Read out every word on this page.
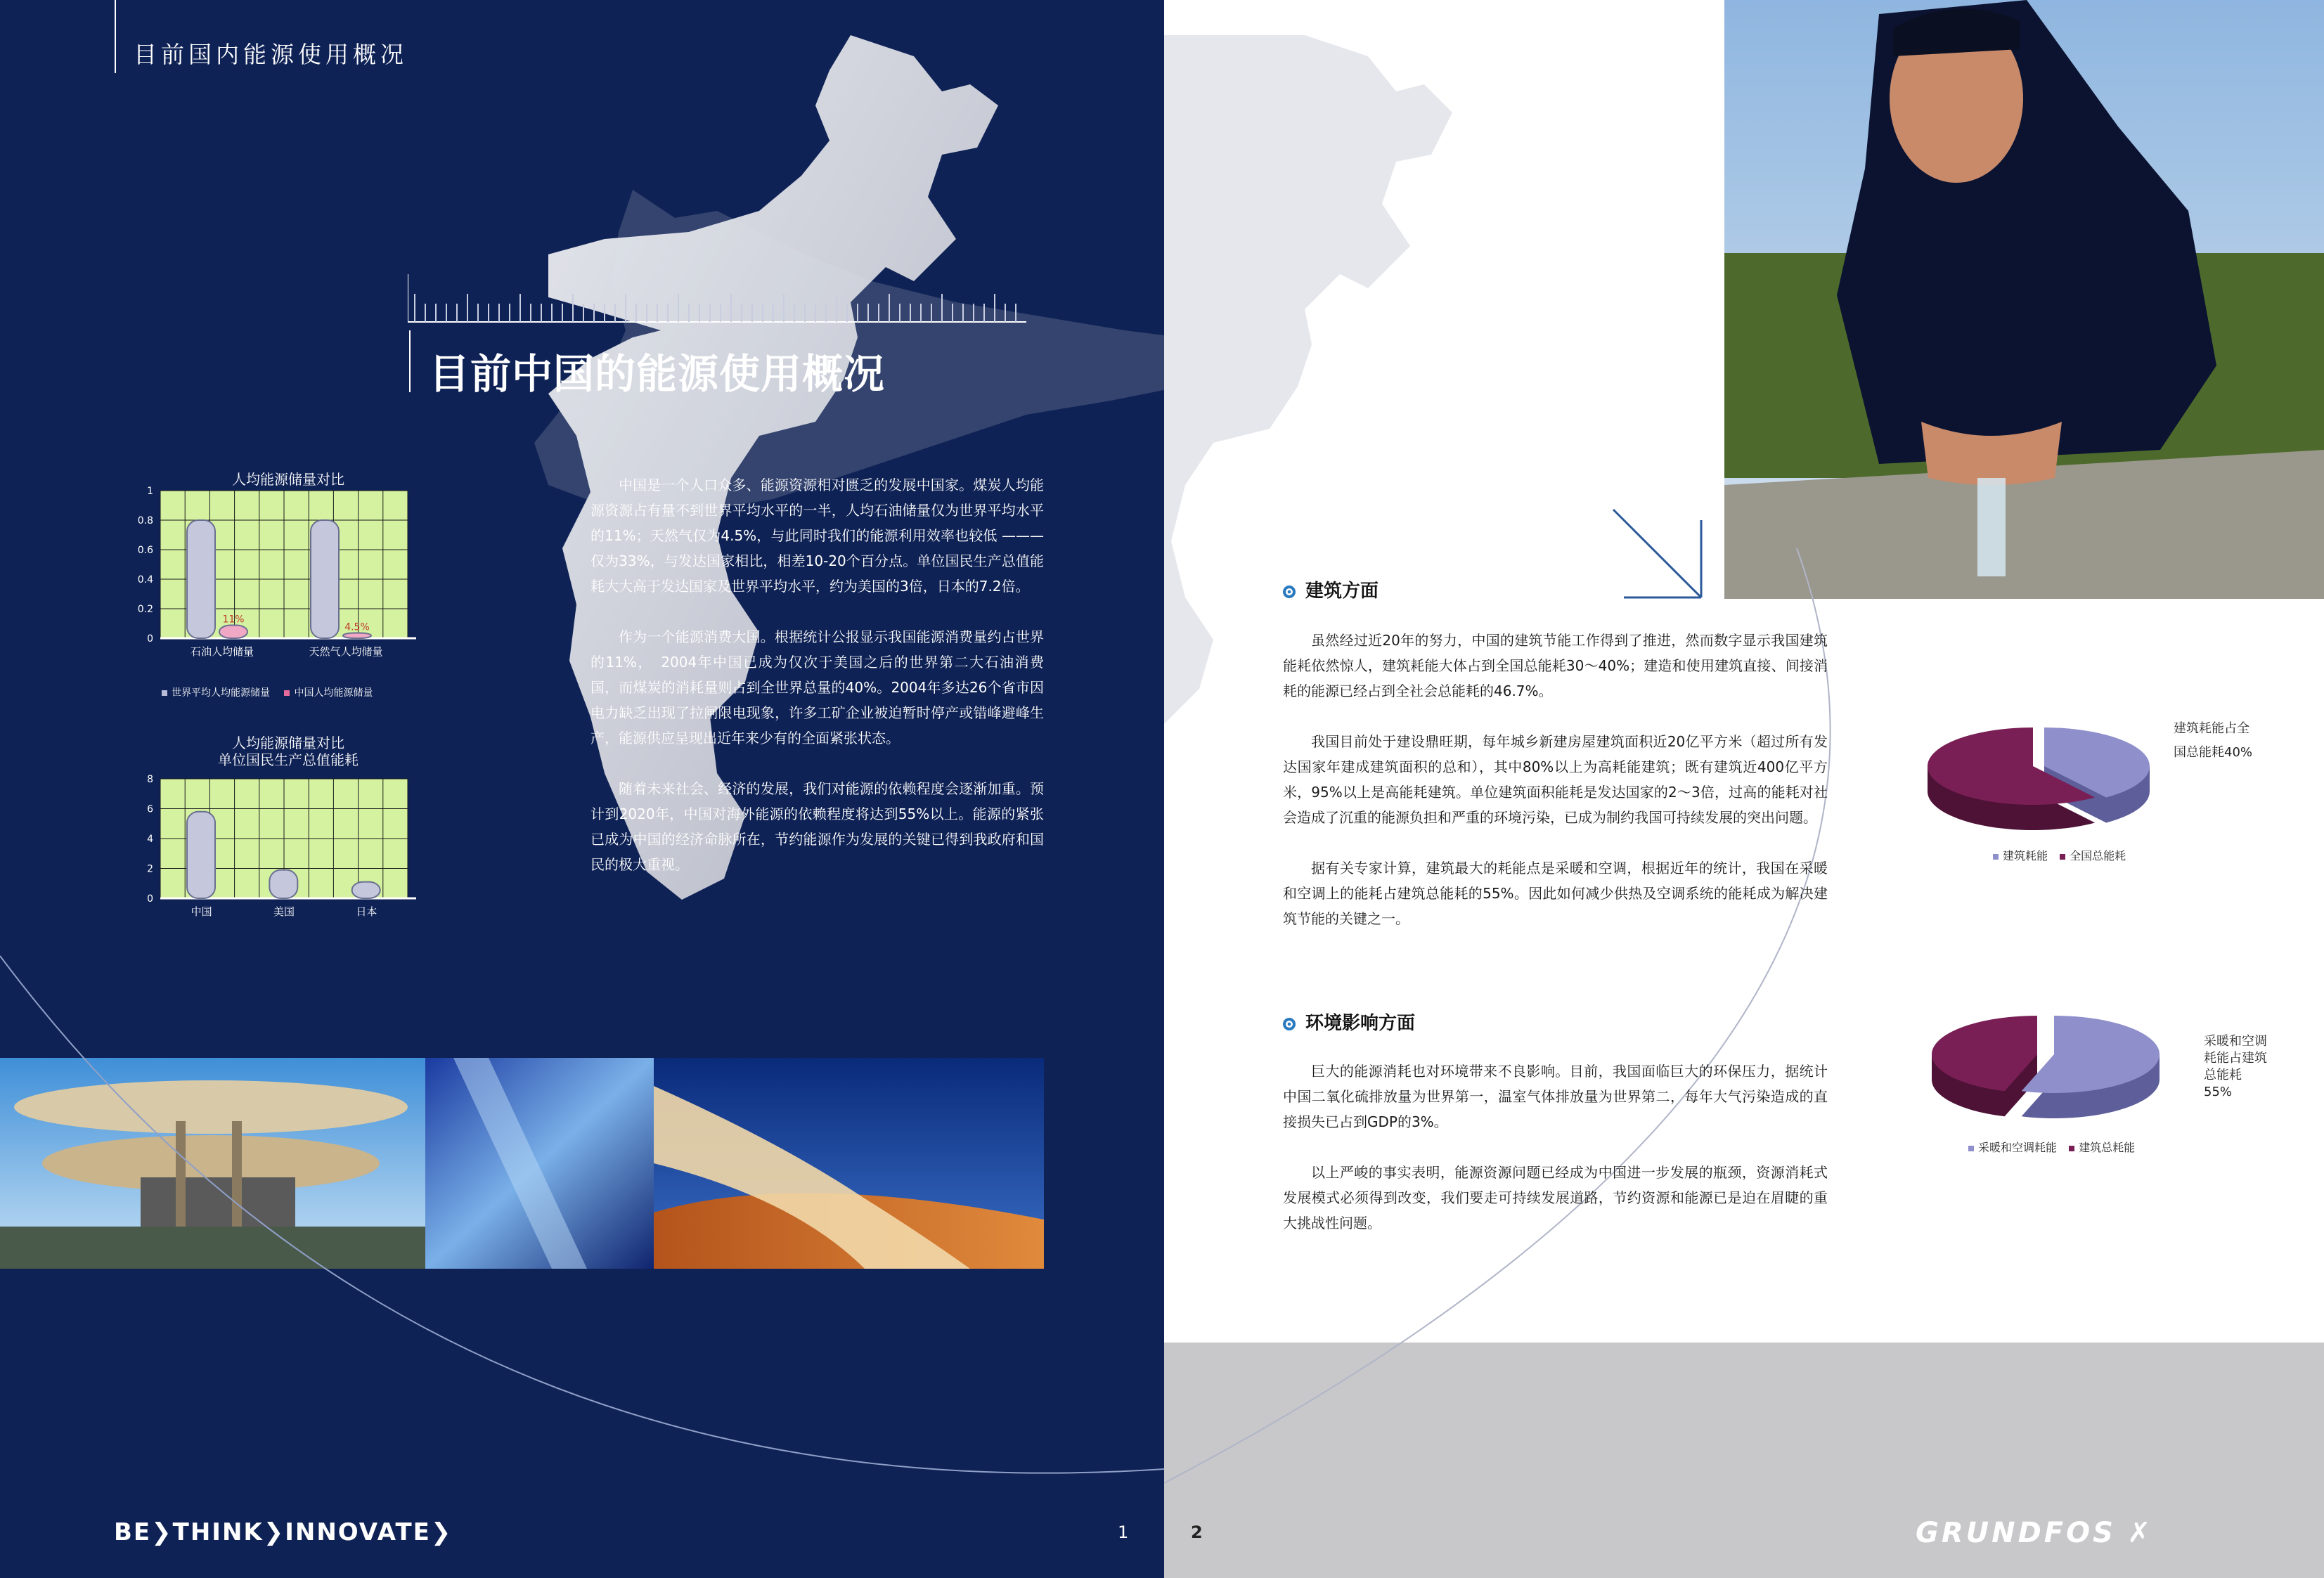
目前国内能源使用概况
目前中国的能源使用概况
人均能源储量对比
0
0.2
0.4
0.6
0.8
1
11%
石油人均储量
4.5%
天然气人均储量
世界平均人均能源储量 中国人均能源储量
人均能源储量对比
单位国民生产总值能耗
0
2
4
6
8
中国	美国	日本

中国是一个人口众多、能源资源相对匮乏的发展中国家。煤炭人均能源资源占有量不到世界平均水平的一半，人均石油储量仅为世界平均水平的11%；天然气仅为4.5%，与此同时我们的能源利用效率也较低 ——— 仅为33%，与发达国家相比，相差10-20个百分点。单位国民生产总值能耗大大高于发达国家及世界平均水平，约为美国的3倍，日本的7.2倍。

作为一个能源消费大国。根据统计公报显示我国能源消费量约占世界的11%，　2004年中国已成为仅次于美国之后的世界第二大石油消费国，而煤炭的消耗量则占到全世界总量的40%。2004年多达26个省市因电力缺乏出现了拉闸限电现象，许多工矿企业被迫暂时停产或错峰避峰生产，能源供应呈现出近年来少有的全面紧张状态。

随着未来社会、经济的发展，我们对能源的依赖程度会逐渐加重。预计到2020年，中国对海外能源的依赖程度将达到55%以上。能源的紧张已成为中国的经济命脉所在，节约能源作为发展的关键已得到我政府和国民的极大重视。

BE❯THINK❯INNOVATE❯	1
建筑方面

虽然经过近20年的努力，中国的建筑节能工作得到了推进，然而数字显示我国建筑能耗依然惊人，建筑耗能大体占到全国总能耗30～40%；建造和使用建筑直接、间接消耗的能源已经占到全社会总能耗的46.7%。

我国目前处于建设鼎旺期，每年城乡新建房屋建筑面积近20亿平方米（超过所有发达国家年建成建筑面积的总和），其中80%以上为高耗能建筑；既有建筑近400亿平方米，95%以上是高能耗建筑。单位建筑面积能耗是发达国家的2～3倍，过高的能耗对社会造成了沉重的能源负担和严重的环境污染，已成为制约我国可持续发展的突出问题。

据有关专家计算，建筑最大的耗能点是采暖和空调，根据近年的统计，我国在采暖和空调上的能耗占建筑总能耗的55%。因此如何减少供热及空调系统的能耗成为解决建筑节能的关键之一。

环境影响方面

巨大的能源消耗也对环境带来不良影响。目前，我国面临巨大的环保压力，据统计中国二氧化硫排放量为世界第一，温室气体排放量为世界第二，每年大气污染造成的直接损失已占到GDP的3%。

以上严峻的事实表明，能源资源问题已经成为中国进一步发展的瓶颈，资源消耗式发展模式必须得到改变，我们要走可持续发展道路，节约资源和能源已是迫在眉睫的重大挑战性问题。

建筑耗能占全
国总能耗40%
建筑耗能 全国总能耗
采暖和空调
耗能占建筑
总能耗
55%
采暖和空调耗能 建筑总耗能
2	GRUNDFOS ✗
